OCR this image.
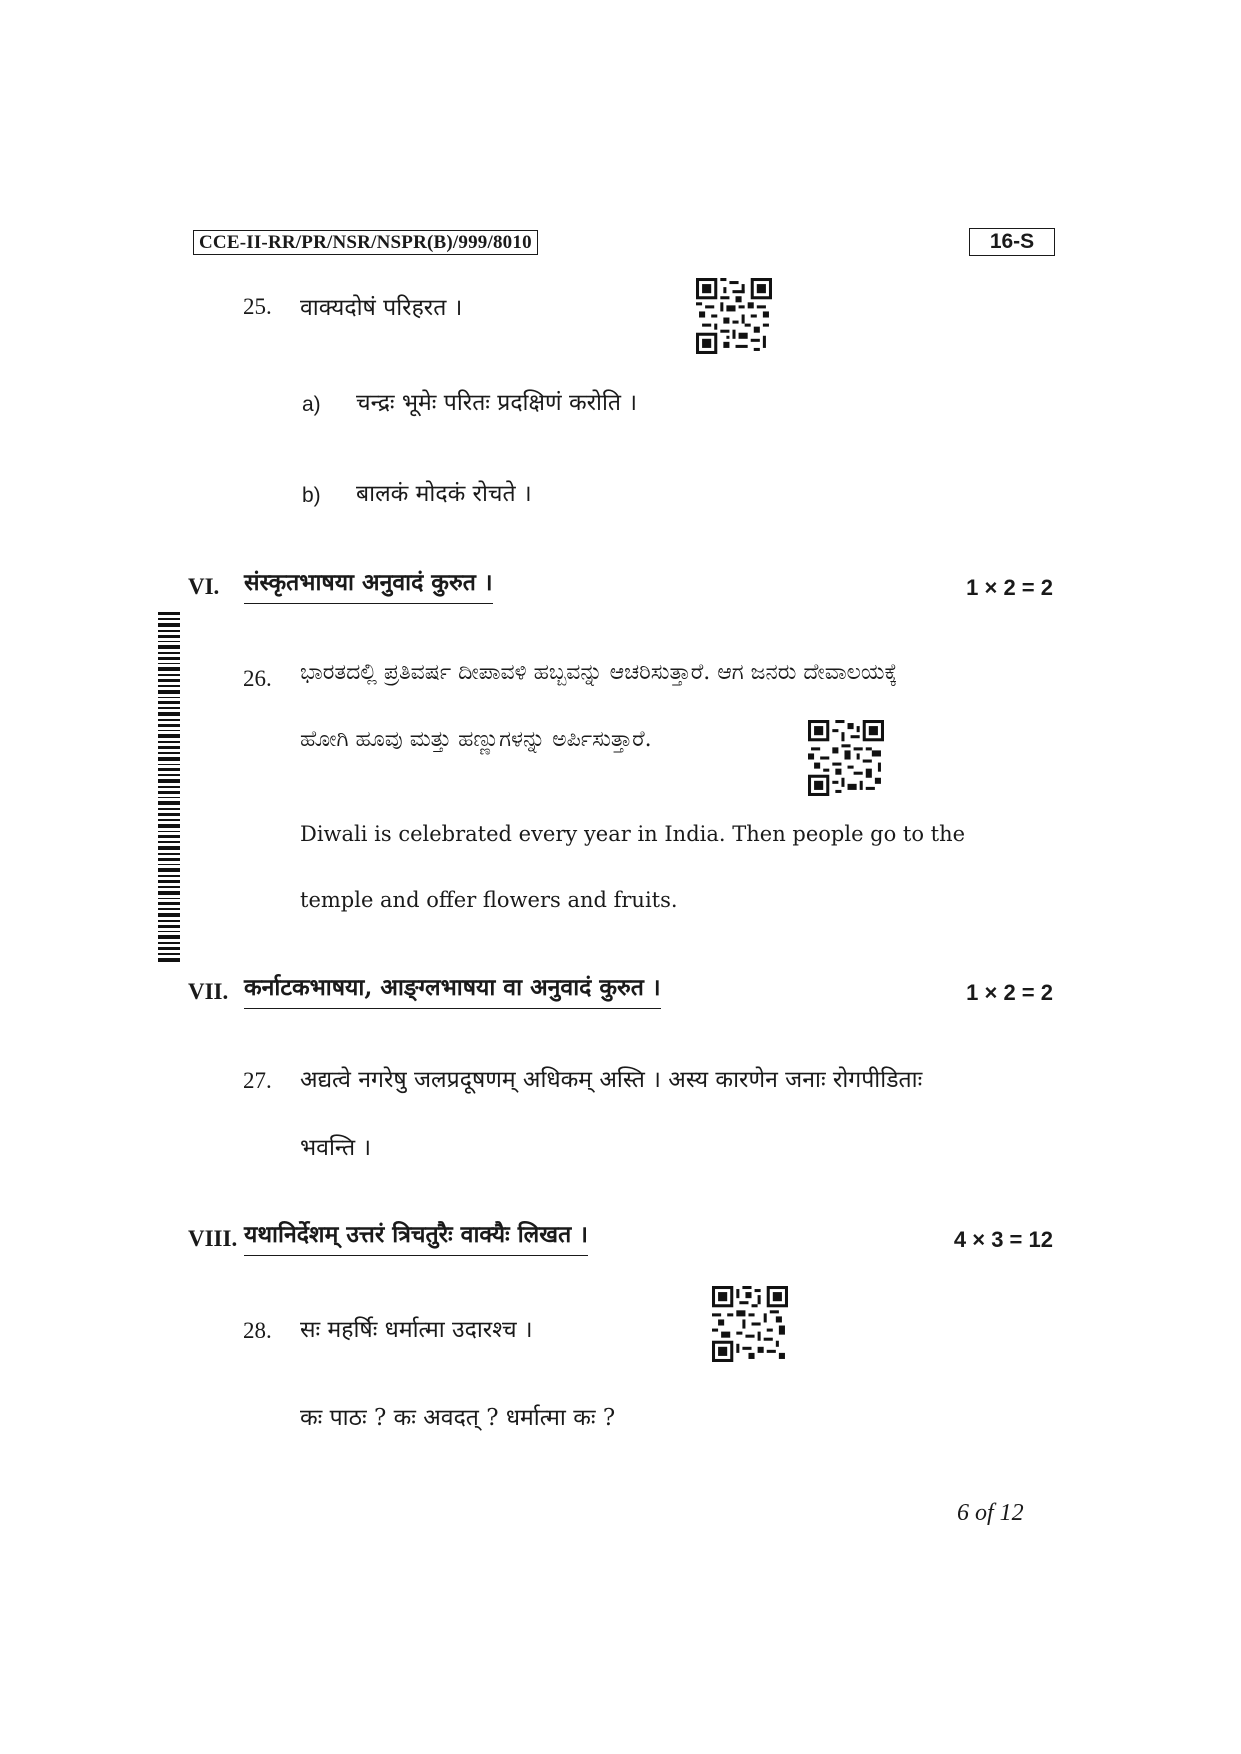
CCE-II-RR/PR/NSR/NSPR(B)/999/8010	16-S
25. वाक्यदोषं परिहरत ।
a) चन्द्रः भूमेः परितः प्रदक्षिणं करोति ।
b) बालकं मोदकं रोचते ।
VI. संस्कृतभाषया अनुवादं कुरुत ।	1 × 2 = 2
26. ಭಾರತದಲ್ಲಿ ಪ್ರತಿವರ್ಷ ದೀಪಾವಳಿ ಹಬ್ಬವನ್ನು ಆಚರಿಸುತ್ತಾರೆ. ಆಗ ಜನರು ದೇವಾಲಯಕ್ಕೆ
ಹೋಗಿ ಹೂವು ಮತ್ತು ಹಣ್ಣುಗಳನ್ನು ಅರ್ಪಿಸುತ್ತಾರೆ.
Diwali is celebrated every year in India. Then people go to the
temple and offer flowers and fruits.
VII. कर्नाटकभाषया, आङ्ग्लभाषया वा अनुवादं कुरुत ।	1 × 2 = 2
27. अद्यत्वे नगरेषु जलप्रदूषणम् अधिकम् अस्ति । अस्य कारणेन जनाः रोगपीडिताः
भवन्ति ।
VIII. यथानिर्देशम् उत्तरं त्रिचतुरैः वाक्यैः लिखत ।	4 × 3 = 12
28. सः महर्षिः धर्मात्मा उदारश्च ।
कः पाठः ? कः अवदत् ? धर्मात्मा कः ?
6 of 12
